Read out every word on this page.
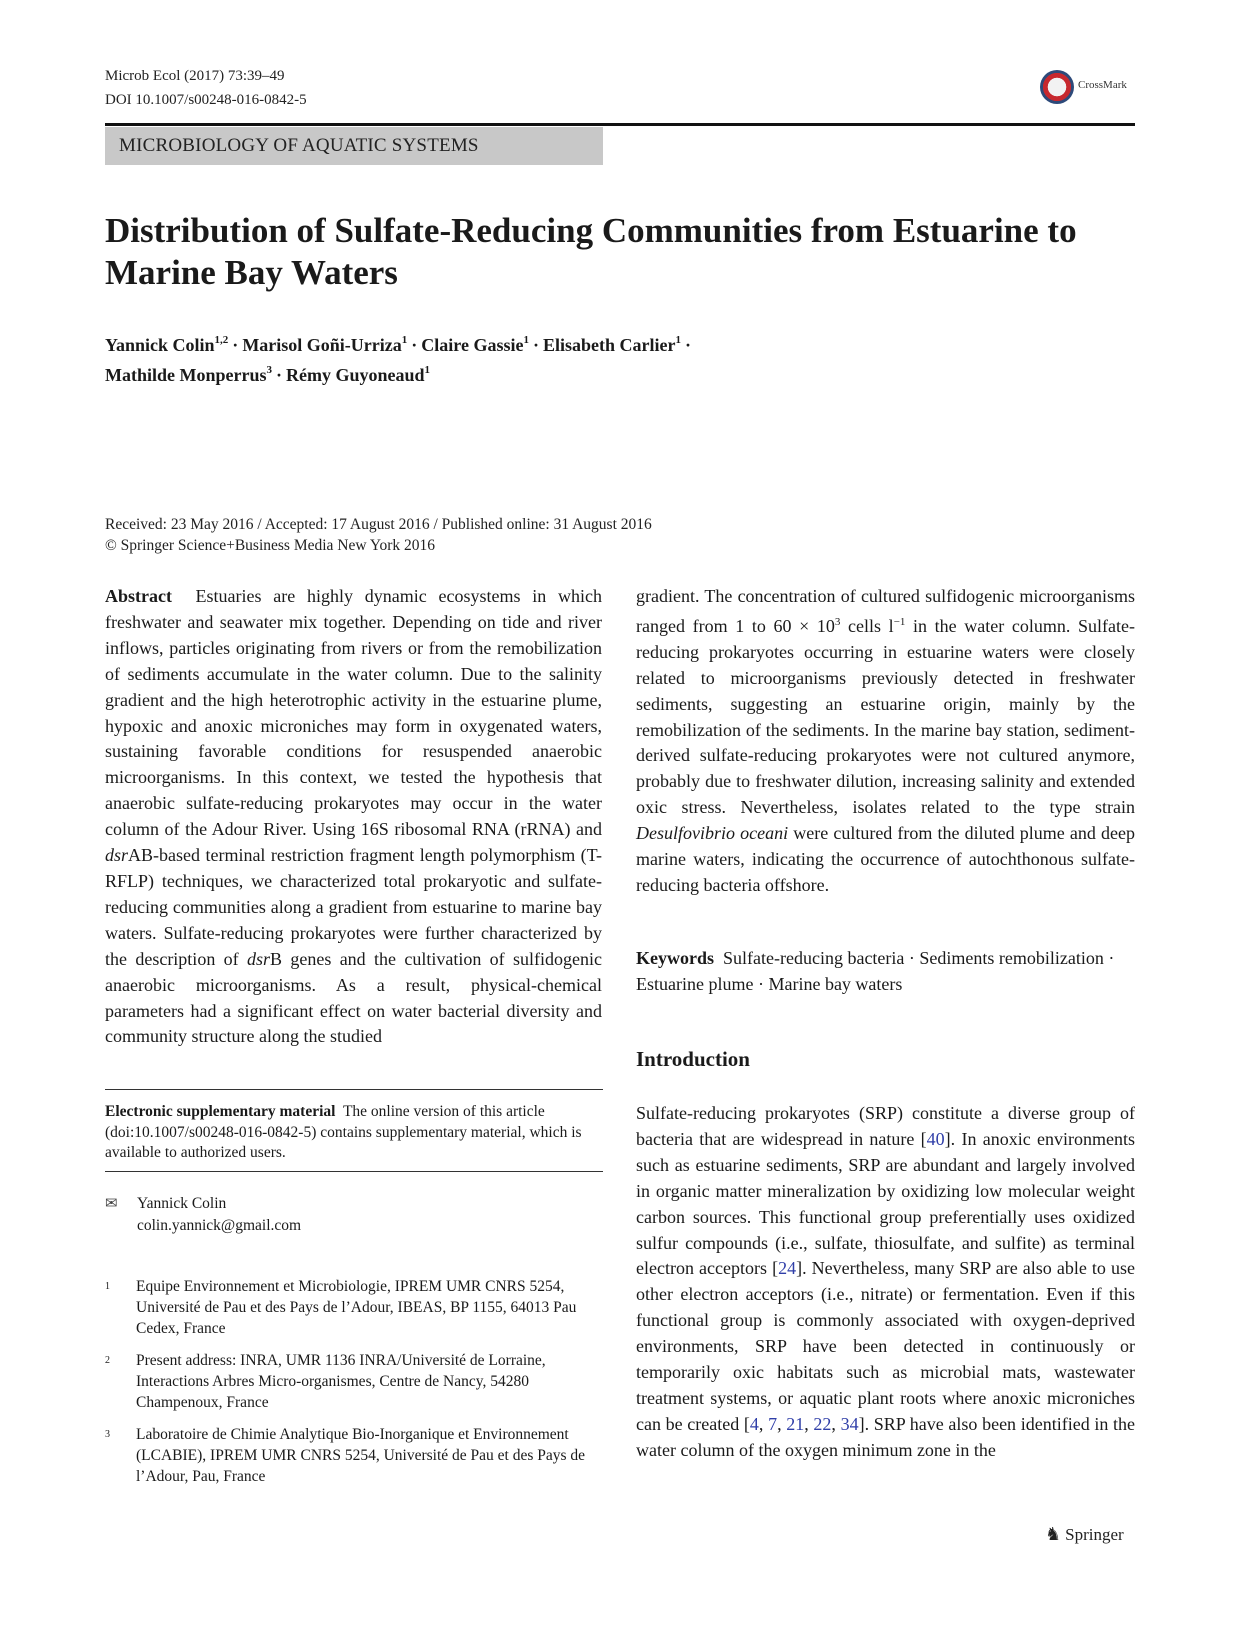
Microb Ecol (2017) 73:39–49
DOI 10.1007/s00248-016-0842-5
CrossMark
MICROBIOLOGY OF AQUATIC SYSTEMS
Distribution of Sulfate-Reducing Communities from Estuarine to Marine Bay Waters
Yannick Colin$^{1,2}$ · Marisol Goñi-Urriza$^1$ · Claire Gassie$^1$ · Elisabeth Carlier$^1$ ·
Mathilde Monperrus$^3$ · Rémy Guyoneaud$^1$
Received: 23 May 2016 / Accepted: 17 August 2016 / Published online: 31 August 2016
© Springer Science+Business Media New York 2016

Abstract Estuaries are highly dynamic ecosystems in which freshwater and seawater mix together. Depending on tide and river inflows, particles originating from rivers or from the remobilization of sediments accumulate in the water column. Due to the salinity gradient and the high heterotrophic activity in the estuarine plume, hypoxic and anoxic microniches may form in oxygenated waters, sustaining favorable conditions for resuspended anaerobic microorganisms. In this context, we tested the hypothesis that anaerobic sulfate-reducing prokaryotes may occur in the water column of the Adour River. Using 16S ribosomal RNA (rRNA) and dsrAB-based terminal restriction fragment length polymorphism (T-RFLP) techniques, we characterized total prokaryotic and sulfate-reducing communities along a gradient from estuarine to marine bay waters. Sulfate-reducing prokaryotes were further characterized by the description of dsrB genes and the cultivation of sulfidogenic anaerobic microorganisms. As a result, physical-chemical parameters had a significant effect on water bacterial diversity and community structure along the studied

gradient. The concentration of cultured sulfidogenic microorganisms ranged from 1 to $60 \times 10^3$ cells $l^{-1}$ in the water column. Sulfate-reducing prokaryotes occurring in estuarine waters were closely related to microorganisms previously detected in freshwater sediments, suggesting an estuarine origin, mainly by the remobilization of the sediments. In the marine bay station, sediment-derived sulfate-reducing prokaryotes were not cultured anymore, probably due to freshwater dilution, increasing salinity and extended oxic stress. Nevertheless, isolates related to the type strain Desulfovibrio oceani were cultured from the diluted plume and deep marine waters, indicating the occurrence of autochthonous sulfate-reducing bacteria offshore.

Keywords Sulfate-reducing bacteria · Sediments remobilization · Estuarine plume · Marine bay waters
Introduction

Sulfate-reducing prokaryotes (SRP) constitute a diverse group of bacteria that are widespread in nature [40]. In anoxic environments such as estuarine sediments, SRP are abundant and largely involved in organic matter mineralization by oxidizing low molecular weight carbon sources. This functional group preferentially uses oxidized sulfur compounds (i.e., sulfate, thiosulfate, and sulfite) as terminal electron acceptors [24]. Nevertheless, many SRP are also able to use other electron acceptors (i.e., nitrate) or fermentation. Even if this functional group is commonly associated with oxygen-deprived environments, SRP have been detected in continuously or temporarily oxic habitats such as microbial mats, wastewater treatment systems, or aquatic plant roots where anoxic microniches can be created [4, 7, 21, 22, 34]. SRP have also been identified in the water column of the oxygen minimum zone in the

Electronic supplementary material The online version of this article (doi:10.1007/s00248-016-0842-5) contains supplementary material, which is available to authorized users.
✉ Yannick Colin
colin.yannick@gmail.com
1 Equipe Environnement et Microbiologie, IPREM UMR CNRS 5254, Université de Pau et des Pays de l’Adour, IBEAS, BP 1155, 64013 Pau Cedex, France
2 Present address: INRA, UMR 1136 INRA/Université de Lorraine, Interactions Arbres Micro-organismes, Centre de Nancy, 54280 Champenoux, France
3 Laboratoire de Chimie Analytique Bio-Inorganique et Environnement (LCABIE), IPREM UMR CNRS 5254, Université de Pau et des Pays de l’Adour, Pau, France
♞ Springer
